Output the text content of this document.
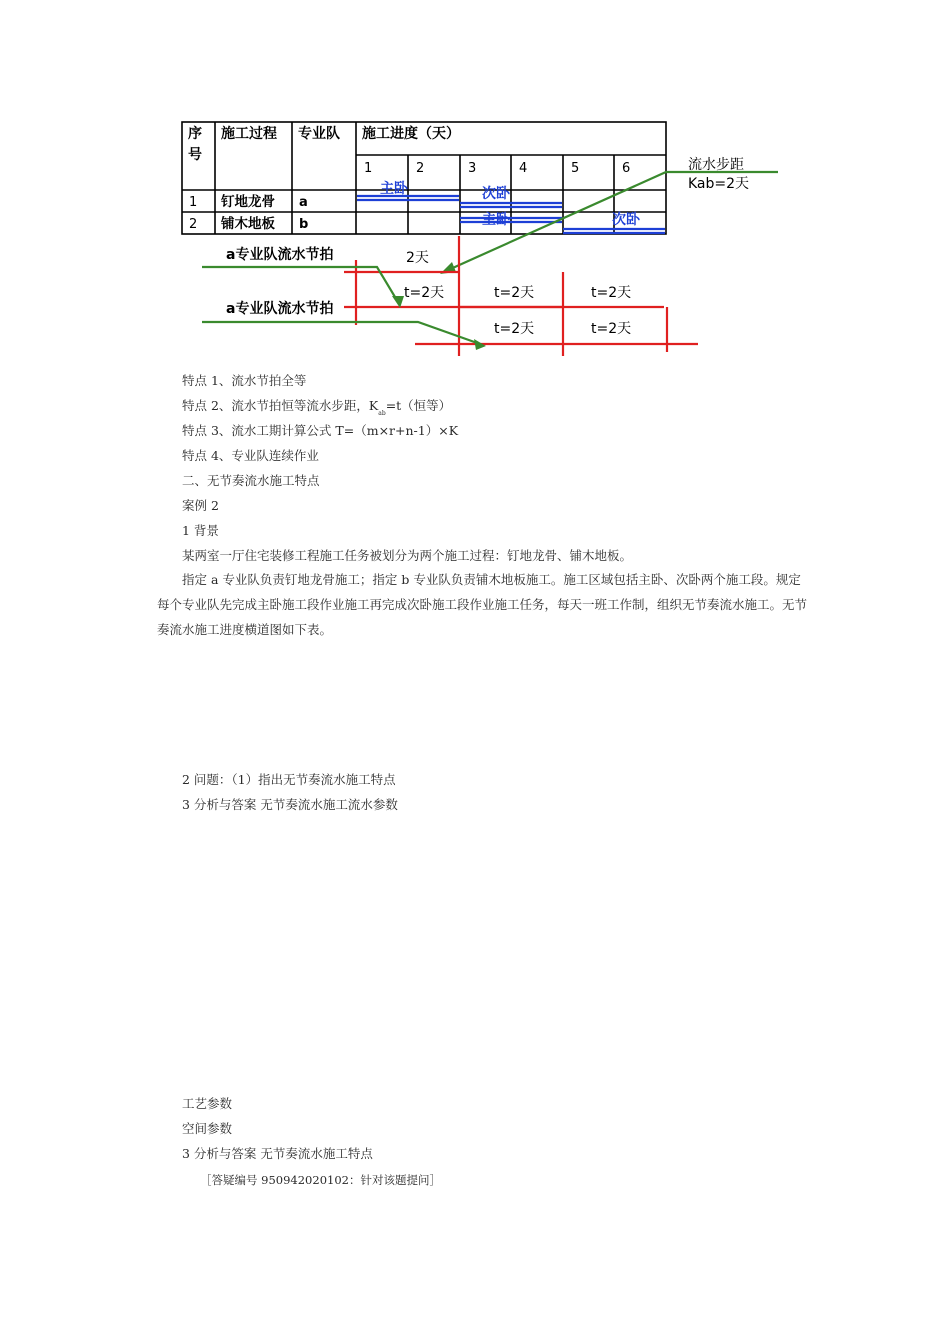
序
号
施工过程 专业队 施工进度（天）
1	2	3	4	5	6
1 钉地龙骨 a
2 铺木地板 b
主卧	次卧
主卧	次卧
流水步距
Kab=2天
a专业队流水节拍
a专业队流水节拍
2天
t=2天	t=2天	t=2天
t=2天	t=2天
特点 1、流水节拍全等
特点 2、流水节拍恒等流水步距，$K_{ab}=t$（恒等）
特点 3、流水工期计算公式 T=（m×r+n-1）×K
特点 4、专业队连续作业
二、无节奏流水施工特点
案例 2
1 背景
某两室一厅住宅装修工程施工任务被划分为两个施工过程：钉地龙骨、铺木地板。
指定 a 专业队负责钉地龙骨施工；指定 b 专业队负责铺木地板施工。施工区域包括主卧、次卧两个施工段。规定每个专业队先完成主卧施工段作业施工再完成次卧施工段作业施工任务，每天一班工作制，组织无节奏流水施工。无节奏流水施工进度横道图如下表。
2 问题：（1）指出无节奏流水施工特点
3 分析与答案 无节奏流水施工流水参数
工艺参数
空间参数
3 分析与答案 无节奏流水施工特点
［答疑编号 950942020102：针对该题提问］
